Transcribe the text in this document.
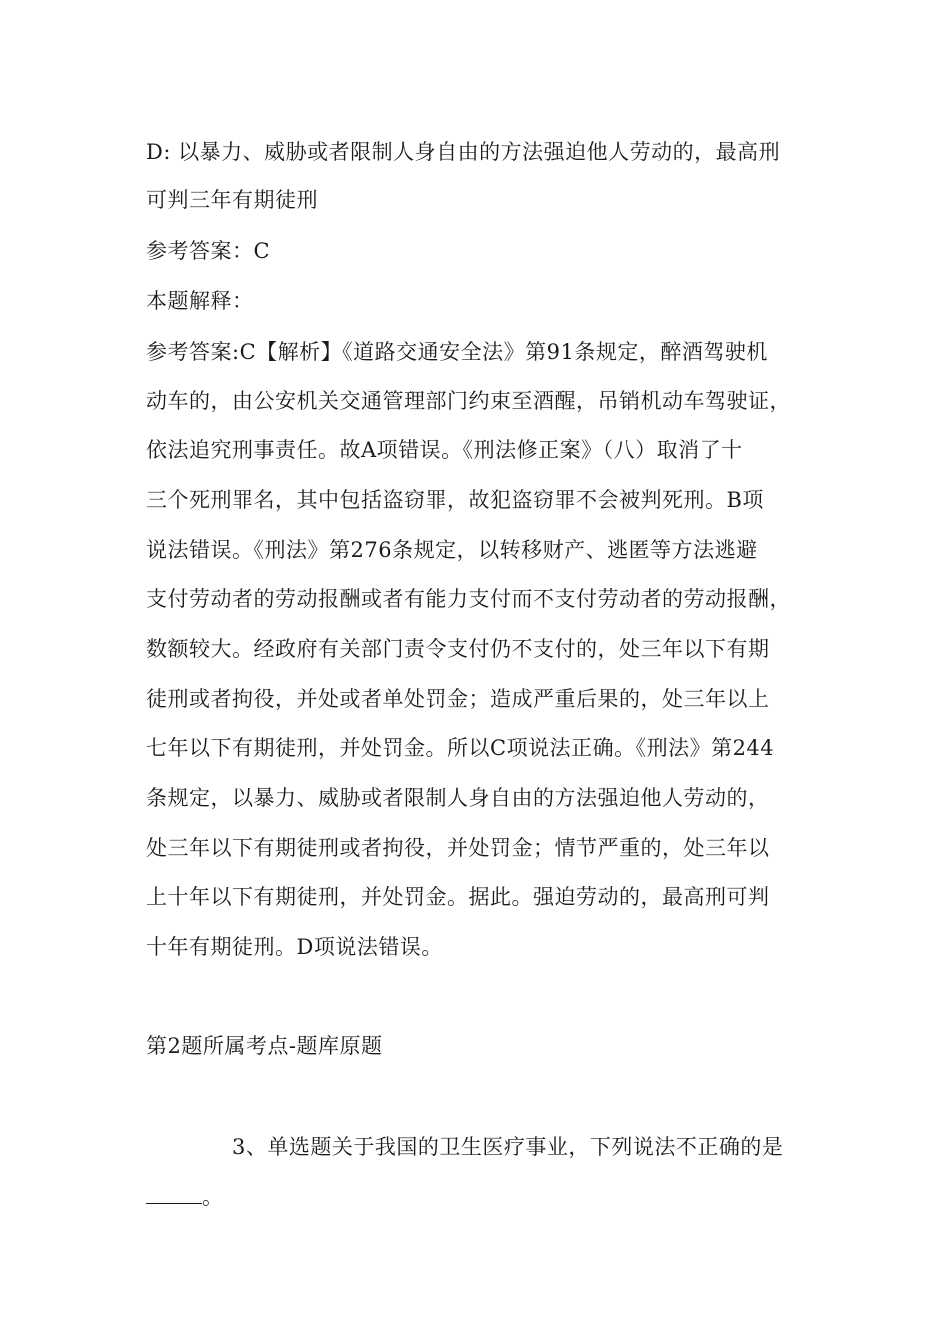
D: 以暴力、威胁或者限制人身自由的方法强迫他人劳动的，最高刑
可判三年有期徒刑
参考答案：C
本题解释：
参考答案:C【解析】《道路交通安全法》第91条规定，醉酒驾驶机
动车的，由公安机关交通管理部门约束至酒醒，吊销机动车驾驶证，
依法追究刑事责任。故A项错误。《刑法修正案》（八）取消了十
三个死刑罪名，其中包括盗窃罪，故犯盗窃罪不会被判死刑。B项
说法错误。《刑法》第276条规定，以转移财产、逃匿等方法逃避
支付劳动者的劳动报酬或者有能力支付而不支付劳动者的劳动报酬，
数额较大。经政府有关部门责令支付仍不支付的，处三年以下有期
徒刑或者拘役，并处或者单处罚金；造成严重后果的，处三年以上
七年以下有期徒刑，并处罚金。所以C项说法正确。《刑法》第244
条规定，以暴力、威胁或者限制人身自由的方法强迫他人劳动的，
处三年以下有期徒刑或者拘役，并处罚金；情节严重的，处三年以
上十年以下有期徒刑，并处罚金。据此。强迫劳动的，最高刑可判
十年有期徒刑。D项说法错误。
第2题所属考点-题库原题
3、单选题关于我国的卫生医疗事业，下列说法不正确的是
。
